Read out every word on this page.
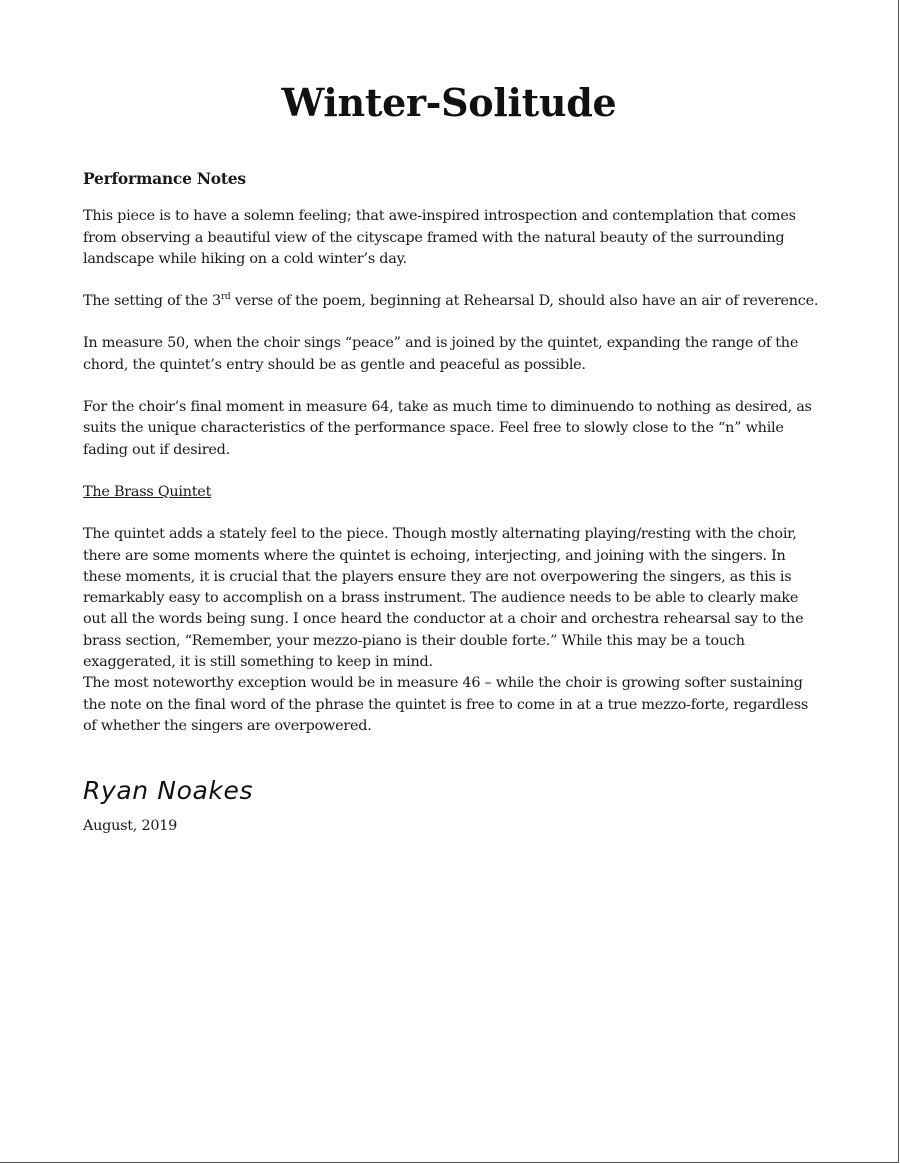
Winter-Solitude
Performance Notes

This piece is to have a solemn feeling; that awe-inspired introspection and contemplation that comes from observing a beautiful view of the cityscape framed with the natural beauty of the surrounding landscape while hiking on a cold winter’s day.

The setting of the 3rd verse of the poem, beginning at Rehearsal D, should also have an air of reverence.

In measure 50, when the choir sings “peace” and is joined by the quintet, expanding the range of the chord, the quintet’s entry should be as gentle and peaceful as possible.

For the choir’s final moment in measure 64, take as much time to diminuendo to nothing as desired, as suits the unique characteristics of the performance space. Feel free to slowly close to the “n” while fading out if desired.

The Brass Quintet

The quintet adds a stately feel to the piece. Though mostly alternating playing/resting with the choir, there are some moments where the quintet is echoing, interjecting, and joining with the singers. In these moments, it is crucial that the players ensure they are not overpowering the singers, as this is remarkably easy to accomplish on a brass instrument. The audience needs to be able to clearly make out all the words being sung. I once heard the conductor at a choir and orchestra rehearsal say to the brass section, “Remember, your mezzo-piano is their double forte.” While this may be a touch exaggerated, it is still something to keep in mind.

The most noteworthy exception would be in measure 46 – while the choir is growing softer sustaining the note on the final word of the phrase the quintet is free to come in at a true mezzo-forte, regardless of whether the singers are overpowered.

Ryan Noakes
August, 2019
